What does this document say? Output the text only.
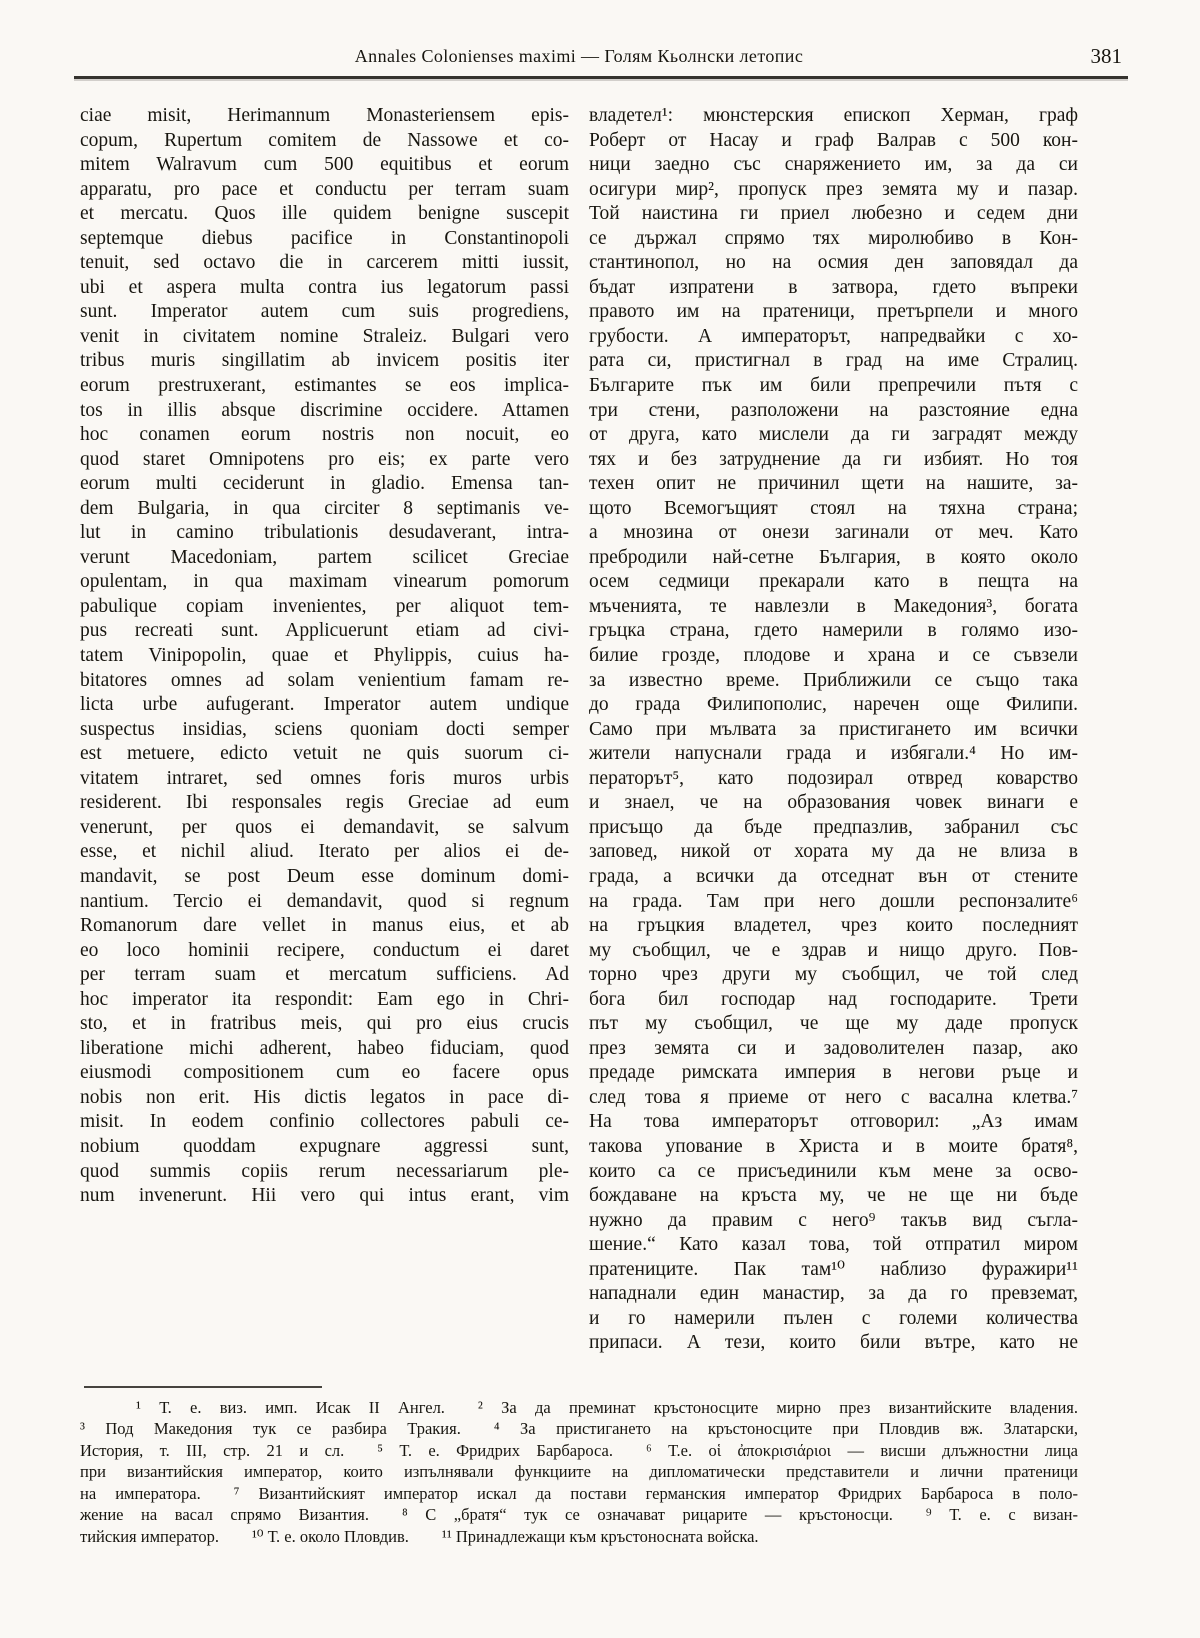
Annales Colonienses maximi — Голям Кьолнски летопис	381
ciae misit, Herimannum Monasteriensem epis-
copum, Rupertum comitem de Nassowe et co-
mitem Walravum cum 500 equitibus et eorum
apparatu, pro pace et conductu per terram suam
et mercatu. Quos ille quidem benigne suscepit
septemque diebus pacifice in Constantinopoli
tenuit, sed octavo die in carcerem mitti iussit,
ubi et aspera multa contra ius legatorum passi
sunt. Imperator autem cum suis progrediens,
venit in civitatem nomine Straleiz. Bulgari vero
tribus muris singillatim ab invicem positis iter
eorum prestruxerant, estimantes se eos implica-
tos in illis absque discrimine occidere. Attamen
hoc conamen eorum nostris non nocuit, eo
quod staret Omnipotens pro eis; ex parte vero
eorum multi ceciderunt in gladio. Emensa tan-
dem Bulgaria, in qua circiter 8 septimanis ve-
lut in camino tribulationis desudaverant, intra-
verunt Macedoniam, partem scilicet Greciae
opulentam, in qua maximam vinearum pomorum
pabulique copiam invenientes, per aliquot tem-
pus recreati sunt. Applicuerunt etiam ad civi-
tatem Vinipopolin, quae et Phylippis, cuius ha-
bitatores omnes ad solam venientium famam re-
licta urbe aufugerant. Imperator autem undique
suspectus insidias, sciens quoniam docti semper
est metuere, edicto vetuit ne quis suorum ci-
vitatem intraret, sed omnes foris muros urbis
residerent. Ibi responsales regis Greciae ad eum
venerunt, per quos ei demandavit, se salvum
esse, et nichil aliud. Iterato per alios ei de-
mandavit, se post Deum esse dominum domi-
nantium. Tercio ei demandavit, quod si regnum
Romanorum dare vellet in manus eius, et ab
eo loco hominii recipere, conductum ei daret
per terram suam et mercatum sufficiens. Ad
hoc imperator ita respondit: Eam ego in Chri-
sto, et in fratribus meis, qui pro eius crucis
liberatione michi adherent, habeo fiduciam, quod
eiusmodi compositionem cum eo facere opus
nobis non erit. His dictis legatos in pace di-
misit. In eodem confinio collectores pabuli ce-
nobium quoddam expugnare aggressi sunt,
quod summis copiis rerum necessariarum ple-
num invenerunt. Hii vero qui intus erant, vim
владетел¹: мюнстерския епископ Херман, граф
Роберт от Насау и граф Валрав с 500 кон-
ници заедно със снаряжението им, за да си
осигури мир², пропуск през земята му и пазар.
Той наистина ги приел любезно и седем дни
се държал спрямо тях миролюбиво в Кон-
стантинопол, но на осмия ден заповядал да
бъдат изпратени в затвора, гдето въпреки
правото им на пратеници, претърпели и много
грубости. А императорът, напредвайки с хо-
рата си, пристигнал в град на име Стралиц.
Българите пък им били препречили пътя с
три стени, разположени на разстояние една
от друга, като мислели да ги заградят между
тях и без затруднение да ги избият. Но тоя
техен опит не причинил щети на нашите, за-
щото Всемогъщият стоял на тяхна страна;
а мнозина от онези загинали от меч. Като
пребродили най-сетне България, в която около
осем седмици прекарали като в пещта на
мъченията, те навлезли в Македония³, богата
гръцка страна, гдето намерили в голямо изо-
билие грозде, плодове и храна и се съвзели
за известно време. Приближили се също така
до града Филипополис, наречен още Филипи.
Само при мълвата за пристигането им всички
жители напуснали града и избягали.⁴ Но им-
ператорът⁵, като подозирал отвред коварство
и знаел, че на образования човек винаги е
присъщо да бъде предпазлив, забранил със
заповед, никой от хората му да не влиза в
града, а всички да отседнат вън от стените
на града. Там при него дошли респонзалите⁶
на гръцкия владетел, чрез които последният
му съобщил, че е здрав и нищо друго. Пов-
торно чрез други му съобщил, че той след
бога бил господар над господарите. Трети
път му съобщил, че ще му даде пропуск
през земята си и задоволителен пазар, ако
предаде римската империя в негови ръце и
след това я приеме от него с васална клетва.⁷
На това императорът отговорил: „Аз имам
такова упование в Христа и в моите братя⁸,
които са се присъединили към мене за осво-
бождаване на кръста му, че не ще ни бъде
нужно да правим с него⁹ такъв вид съгла-
шение.“ Като казал това, той отпратил миром
пратениците. Пак там¹⁰ наблизо фуражири¹¹
нападнали един манастир, за да го превземат,
и го намерили пълен с големи количества
припаси. А тези, които били вътре, като не
¹ Т. е. виз. имп. Исак II Ангел.  ² За да преминат кръстоносците мирно през византийските владения.
³ Под Македония тук се разбира Тракия.  ⁴ За пристигането на кръстоносците при Пловдив вж. Златарски,
История, т. III, стр. 21 и сл.  ⁵ Т. е. Фридрих Барбароса.  ⁶ Т.е. οἱ ἀποκρισιάριοι — висши длъжностни лица
при византийския император, които изпълнявали функциите на дипломатически представители и лични пратеници
на императора.  ⁷ Византийският император искал да постави германския император Фридрих Барбароса в поло-
жение на васал спрямо Византия.  ⁸ С „братя“ тук се означават рицарите — кръстоносци.  ⁹ Т. е. с визан-
тийския император.  ¹⁰ Т. е. около Пловдив.  ¹¹ Принадлежащи към кръстоносната войска.
